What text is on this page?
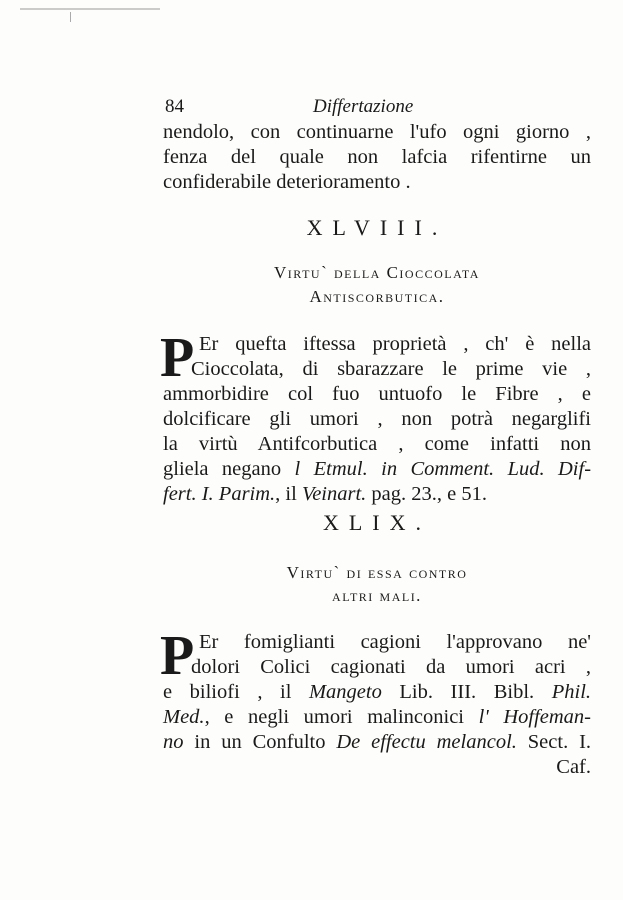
84	Differtazione
nendolo, con continuarne l'ufo ogni giorno ,
fenza del quale non lafcia rifentirne un
confiderabile deterioramento .
XLVIII.
Virtu` della Cioccolata
Antiscorbutica.
P Er quefta iftessa proprietà , ch' è nella
Cioccolata, di sbarazzare le prime vie ,
ammorbidire col fuo untuofo le Fibre , e
dolcificare gli umori , non potrà negarglifi
la virtù Antifcorbutica , come infatti non
gliela negano l Etmul. in Comment. Lud. Dif-
fert. I. Parim., il Veinart. pag. 23., e 51.
XLIX.
Virtu` di essa contro
altri mali.
P Er fomiglianti cagioni l'approvano ne'
dolori Colici cagionati da umori acri ,
e biliofi , il Mangeto Lib. III. Bibl. Phil.
Med., e negli umori malinconici l' Hoffeman-
no in un Confulto De effectu melancol. Sect. I.
Caf.
